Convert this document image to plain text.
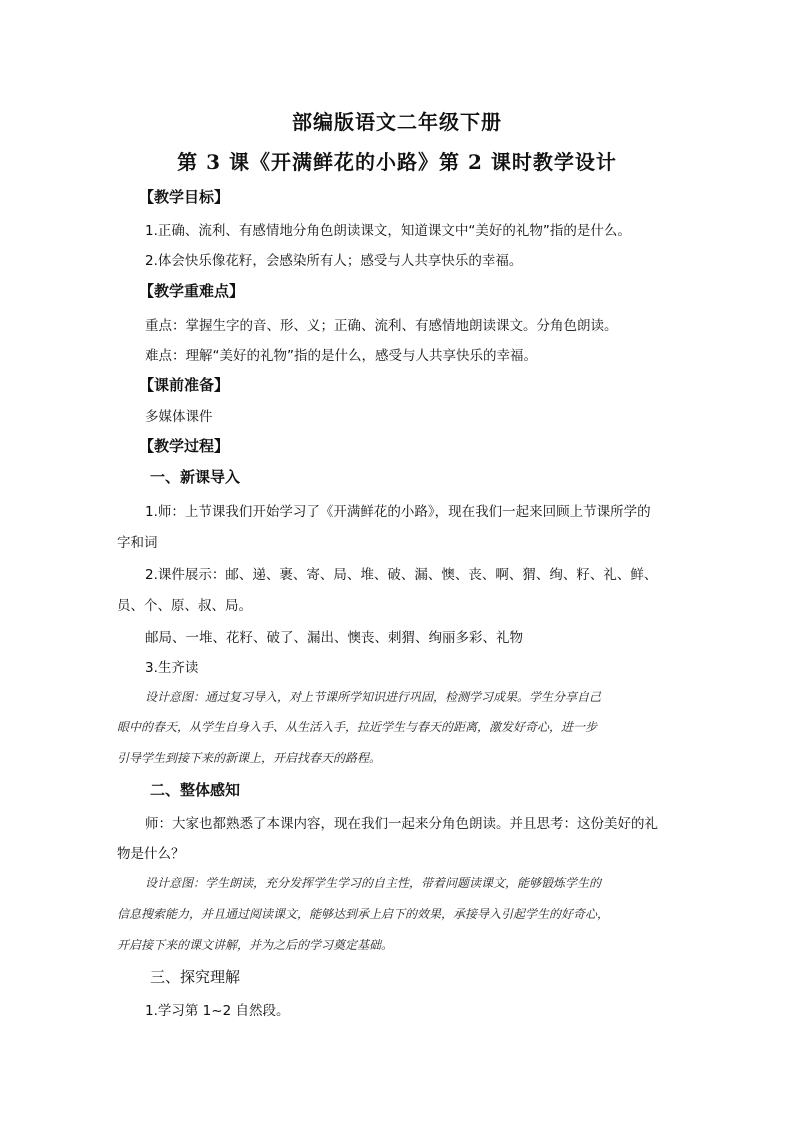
部编版语文二年级下册
第 3 课《开满鲜花的小路》第 2 课时教学设计
【教学目标】
1.正确、流利、有感情地分角色朗读课文，知道课文中“美好的礼物”指的是什么。
2.体会快乐像花籽，会感染所有人；感受与人共享快乐的幸福。
【教学重难点】
重点：掌握生字的音、形、义；正确、流利、有感情地朗读课文。分角色朗读。
难点：理解“美好的礼物”指的是什么，感受与人共享快乐的幸福。
【课前准备】
多媒体课件
【教学过程】
一、新课导入
1.师：上节课我们开始学习了《开满鲜花的小路》，现在我们一起来回顾上节课所学的
字和词
2.课件展示：邮、递、裹、寄、局、堆、破、漏、懊、丧、啊、猬、绚、籽、礼、鲜、
员、个、原、叔、局。
邮局、一堆、花籽、破了、漏出、懊丧、刺猬、绚丽多彩、礼物
3.生齐读
设计意图：通过复习导入，对上节课所学知识进行巩固，检测学习成果。学生分享自己
眼中的春天，从学生自身入手、从生活入手，拉近学生与春天的距离，激发好奇心，进一步
引导学生到接下来的新课上，开启找春天的路程。
二、整体感知
师：大家也都熟悉了本课内容，现在我们一起来分角色朗读。并且思考：这份美好的礼
物是什么？
设计意图：学生朗读，充分发挥学生学习的自主性，带着问题读课文，能够锻炼学生的
信息搜索能力，并且通过阅读课文，能够达到承上启下的效果，承接导入引起学生的好奇心，
开启接下来的课文讲解，并为之后的学习奠定基础。
三、探究理解
1.学习第 1~2 自然段。
